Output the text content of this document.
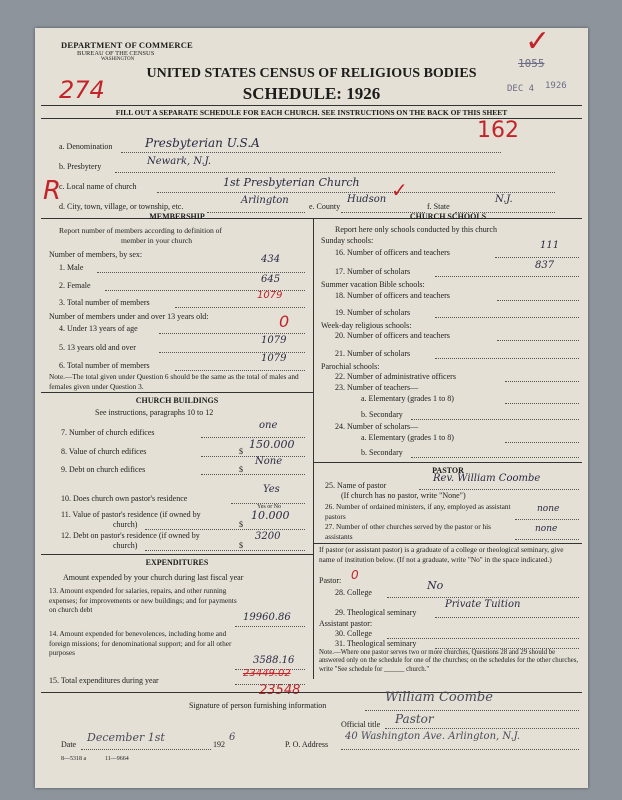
DEPARTMENT OF COMMERCE
BUREAU OF THE CENSUS
WASHINGTON
UNITED STATES CENSUS OF RELIGIOUS BODIES
SCHEDULE: 1926
FILL OUT A SEPARATE SCHEDULE FOR EACH CHURCH. SEE INSTRUCTIONS ON THE BACK OF THIS SHEET
274
162
R
✓
1055
DEC 4 1926
a. Denomination	Presbyterian U.S.A
b. Presbytery	Newark, N.J.
c. Local name of church	1st Presbyterian Church
d. City, town, village, or township, etc.
Arlington
e. County
Hudson ✓
f. State
N.J.
MEMBERSHIP
Report number of members according to definition of
member in your church
Number of members, by sex:
1. Male
434
2. Female
645
3. Total number of members
1079
Number of members under and over 13 years old:
4. Under 13 years of age	0
5. 13 years old and over
1079
6. Total number of members
1079
Note.—The total given under Question 6 should be the same as the total of males and females given under Question 3.
CHURCH BUILDINGS
See instructions, paragraphs 10 to 12
7. Number of church edifices
one
8. Value of church edifices	$
150.000
9. Debt on church edifices	$
None
10. Does church own pastor's residence
Yes
Yes or No
11. Value of pastor's residence (if owned by
church)	$
10.000
12. Debt on pastor's residence (if owned by
church)	$
3200
EXPENDITURES
Amount expended by your church during last fiscal year
13. Amount expended for salaries, repairs, and other running expenses; for improvements or new buildings; and for payments on church debt
19960.86
14. Amount expended for benevolences, including home and foreign missions; for denominational support; and for all other purposes
3588.16
15. Total expenditures during year
23449.02
23548
CHURCH SCHOOLS
Report here only schools conducted by this church
Sunday schools:
16. Number of officers and teachers
111
17. Number of scholars
837
Summer vacation Bible schools:
18. Number of officers and teachers
19. Number of scholars
Week-day religious schools:
20. Number of officers and teachers
21. Number of scholars
Parochial schools:
22. Number of administrative officers
23. Number of teachers—
a. Elementary (grades 1 to 8)
b. Secondary
24. Number of scholars—
a. Elementary (grades 1 to 8)
b. Secondary
PASTOR
25. Name of pastor
Rev. William Coombe
(If church has no pastor, write "None")
26. Number of ordained ministers, if any, employed as assistant pastors
none
27. Number of other churches served by the pastor or his assistants
none
If pastor (or assistant pastor) is a graduate of a college or theological seminary, give name of institution below. (If not a graduate, write "No" in the space indicated.)
Pastor: 0
28. College
No
29. Theological seminary
Private Tuition
Assistant pastor:
30. College
31. Theological seminary
Note.—Where one pastor serves two or more churches, Questions 28 and 29 should be answered only on the schedule for one of the churches; on the schedules for the other churches, write "See schedule for ______ church."
Signature of person furnishing information
William Coombe
Official title Pastor
Date
December 1st
192
6
P. O. Address
40 Washington Ave. Arlington, N.J.
8—5318 a	11—9664
